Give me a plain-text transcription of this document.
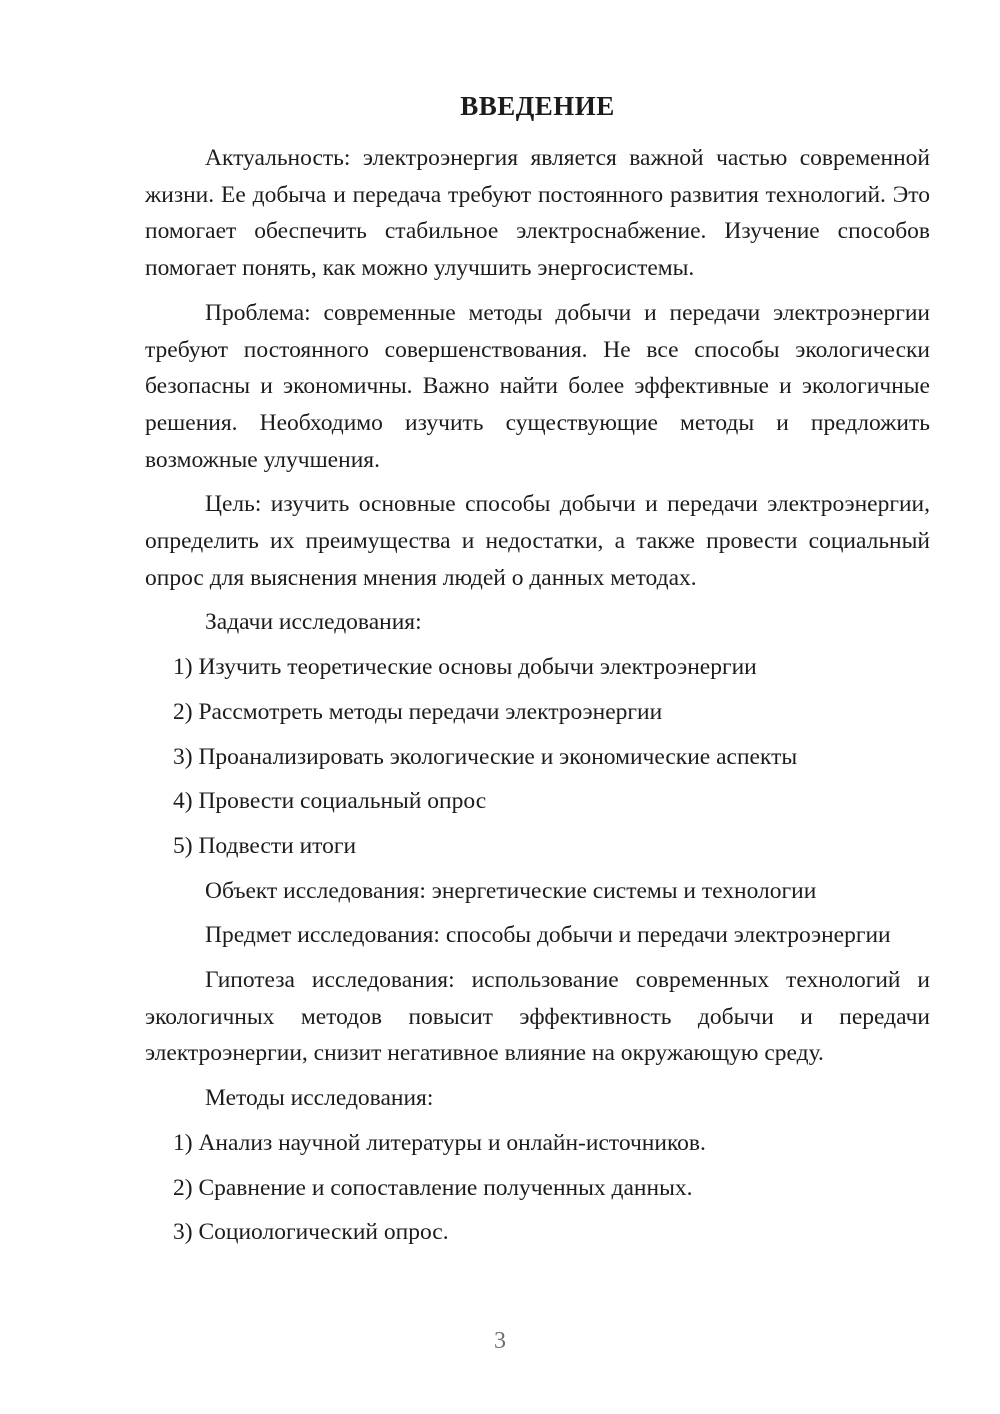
ВВЕДЕНИЕ

Актуальность: электроэнергия является важной частью современной жизни. Ее добыча и передача требуют постоянного развития технологий. Это помогает обеспечить стабильное электроснабжение. Изучение способов помогает понять, как можно улучшить энергосистемы.

Проблема: современные методы добычи и передачи электроэнергии требуют постоянного совершенствования. Не все способы экологически безопасны и экономичны. Важно найти более эффективные и экологичные решения. Необходимо изучить существующие методы и предложить возможные улучшения.

Цель: изучить основные способы добычи и передачи электроэнергии, определить их преимущества и недостатки, а также провести социальный опрос для выяснения мнения людей о данных методах.

Задачи исследования:

1) Изучить теоретические основы добычи электроэнергии
2) Рассмотреть методы передачи электроэнергии
3) Проанализировать экологические и экономические аспекты
4) Провести социальный опрос
5) Подвести итоги

Объект исследования: энергетические системы и технологии

Предмет исследования: способы добычи и передачи электроэнергии

Гипотеза исследования: использование современных технологий и экологичных методов повысит эффективность добычи и передачи электроэнергии, снизит негативное влияние на окружающую среду.

Методы исследования:

1) Анализ научной литературы и онлайн-источников.
2) Сравнение и сопоставление полученных данных.
3) Социологический опрос.
3
